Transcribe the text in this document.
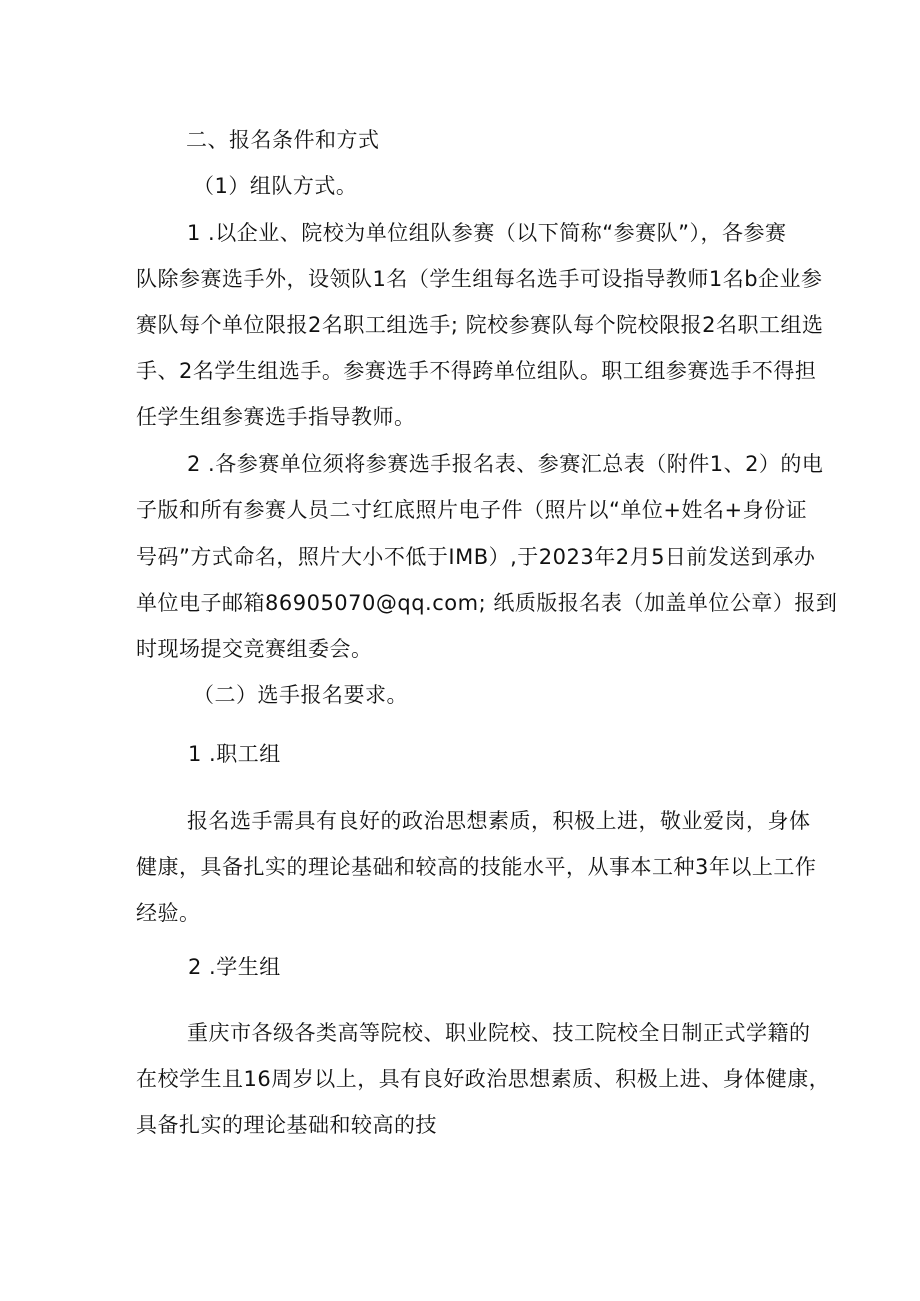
二、报名条件和方式
（1）组队方式。
1 .以企业、院校为单位组队参赛（以下简称“参赛队”），各参赛
队除参赛选手外，设领队1名（学生组每名选手可设指导教师1名b企业参
赛队每个单位限报2名职工组选手; 院校参赛队每个院校限报2名职工组选
手、2名学生组选手。参赛选手不得跨单位组队。职工组参赛选手不得担
任学生组参赛选手指导教师。
2 .各参赛单位须将参赛选手报名表、参赛汇总表（附件1、2）的电
子版和所有参赛人员二寸红底照片电子件（照片以“单位+姓名+身份证
号码”方式命名，照片大小不低于IMB）,于2023年2月5日前发送到承办
单位电子邮箱86905070@qq.com; 纸质版报名表（加盖单位公章）报到
时现场提交竞赛组委会。
（二）选手报名要求。
1 .职工组
报名选手需具有良好的政治思想素质，积极上进，敬业爱岗，身体
健康，具备扎实的理论基础和较高的技能水平，从事本工种3年以上工作
经验。
2 .学生组
重庆市各级各类高等院校、职业院校、技工院校全日制正式学籍的
在校学生且16周岁以上，具有良好政治思想素质、积极上进、身体健康，
具备扎实的理论基础和较高的技
